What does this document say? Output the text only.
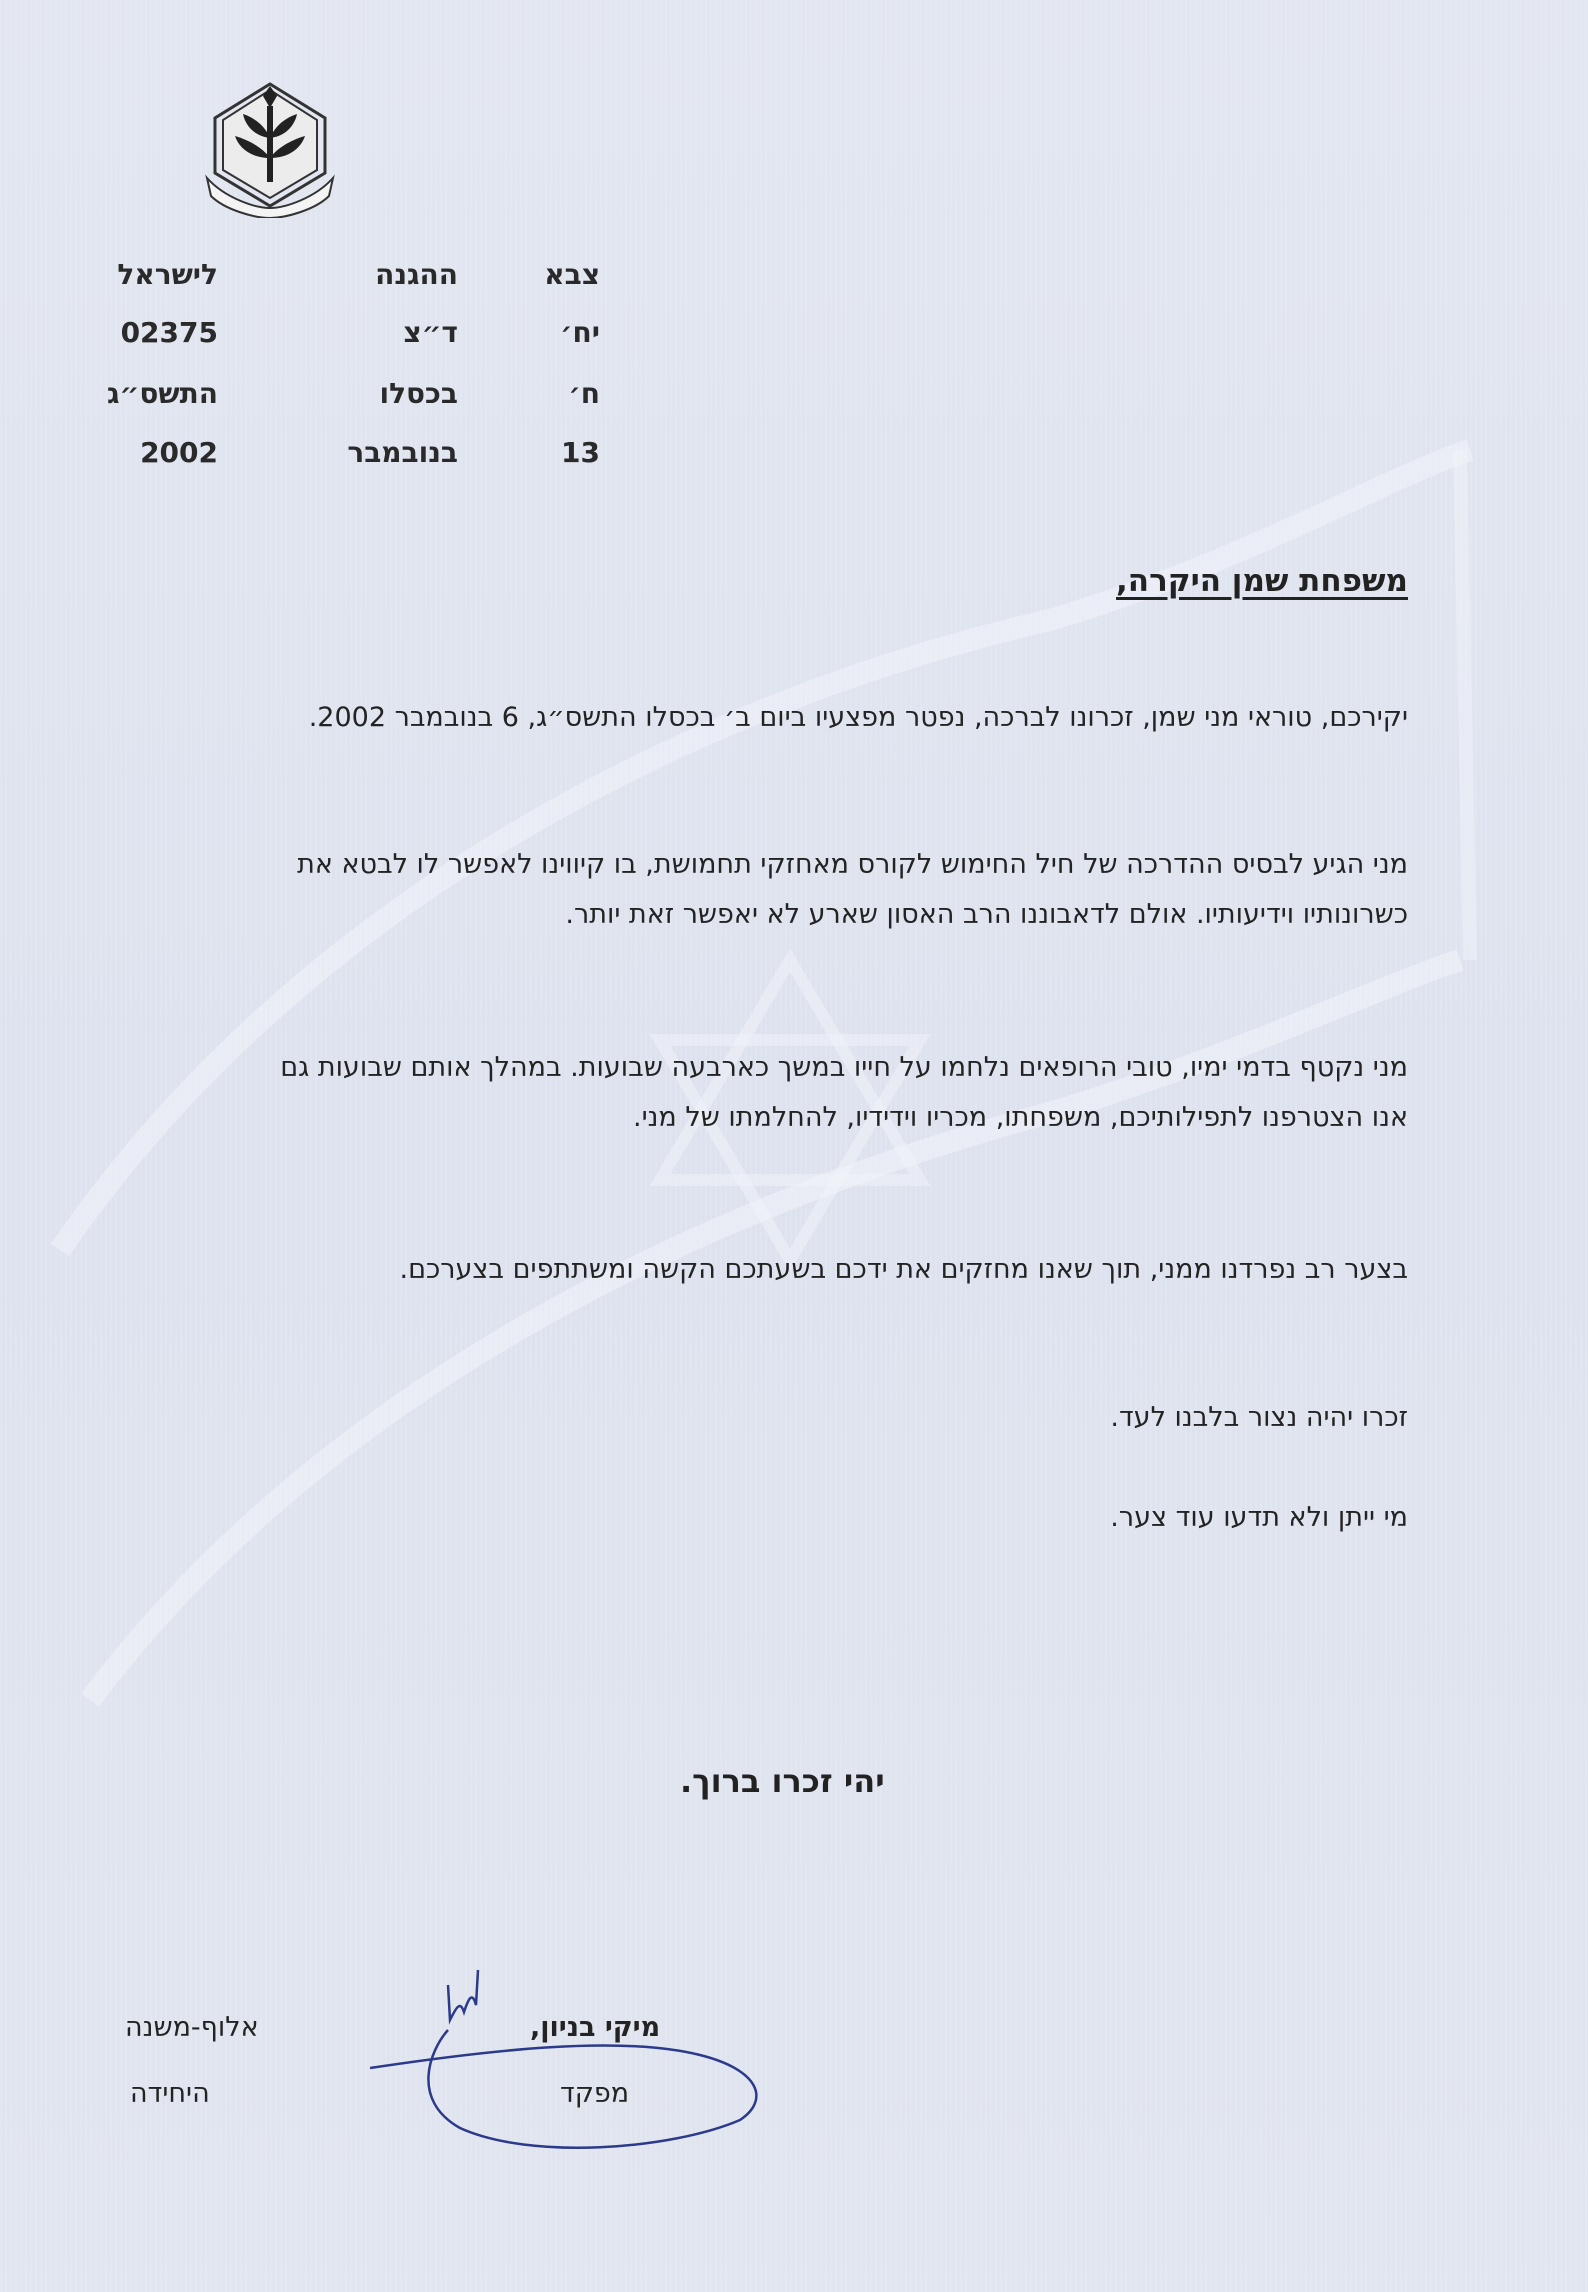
צבא
ההגנה
לישראל
יח׳
ד״צ
02375
ח׳
בכסלו
התשס״ג
13
בנובמבר
2002
משפחת שמן היקרה,
יקירכם, טוראי מני שמן, זכרונו לברכה, נפטר מפצעיו ביום ב׳ בכסלו התשס״ג, 6 בנובמבר 2002.
מני הגיע לבסיס ההדרכה של חיל החימוש לקורס מאחזקי תחמושת, בו קיווינו לאפשר לו לבטא את כשרונותיו וידיעותיו. אולם לדאבוננו הרב האסון שארע לא יאפשר זאת יותר.
מני נקטף בדמי ימיו, טובי הרופאים נלחמו על חייו במשך כארבעה שבועות. במהלך אותם שבועות גם אנו הצטרפנו לתפילותיכם, משפחתו, מכריו וידידיו, להחלמתו של מני.
בצער רב נפרדנו ממני, תוך שאנו מחזקים את ידכם בשעתכם הקשה ומשתתפים בצערכם.
זכרו יהיה נצור בלבנו לעד.
מי ייתן ולא תדעו עוד צער.
יהי זכרו ברוך.
מיקי בניון,
מפקד
אלוף-משנה
היחידה
